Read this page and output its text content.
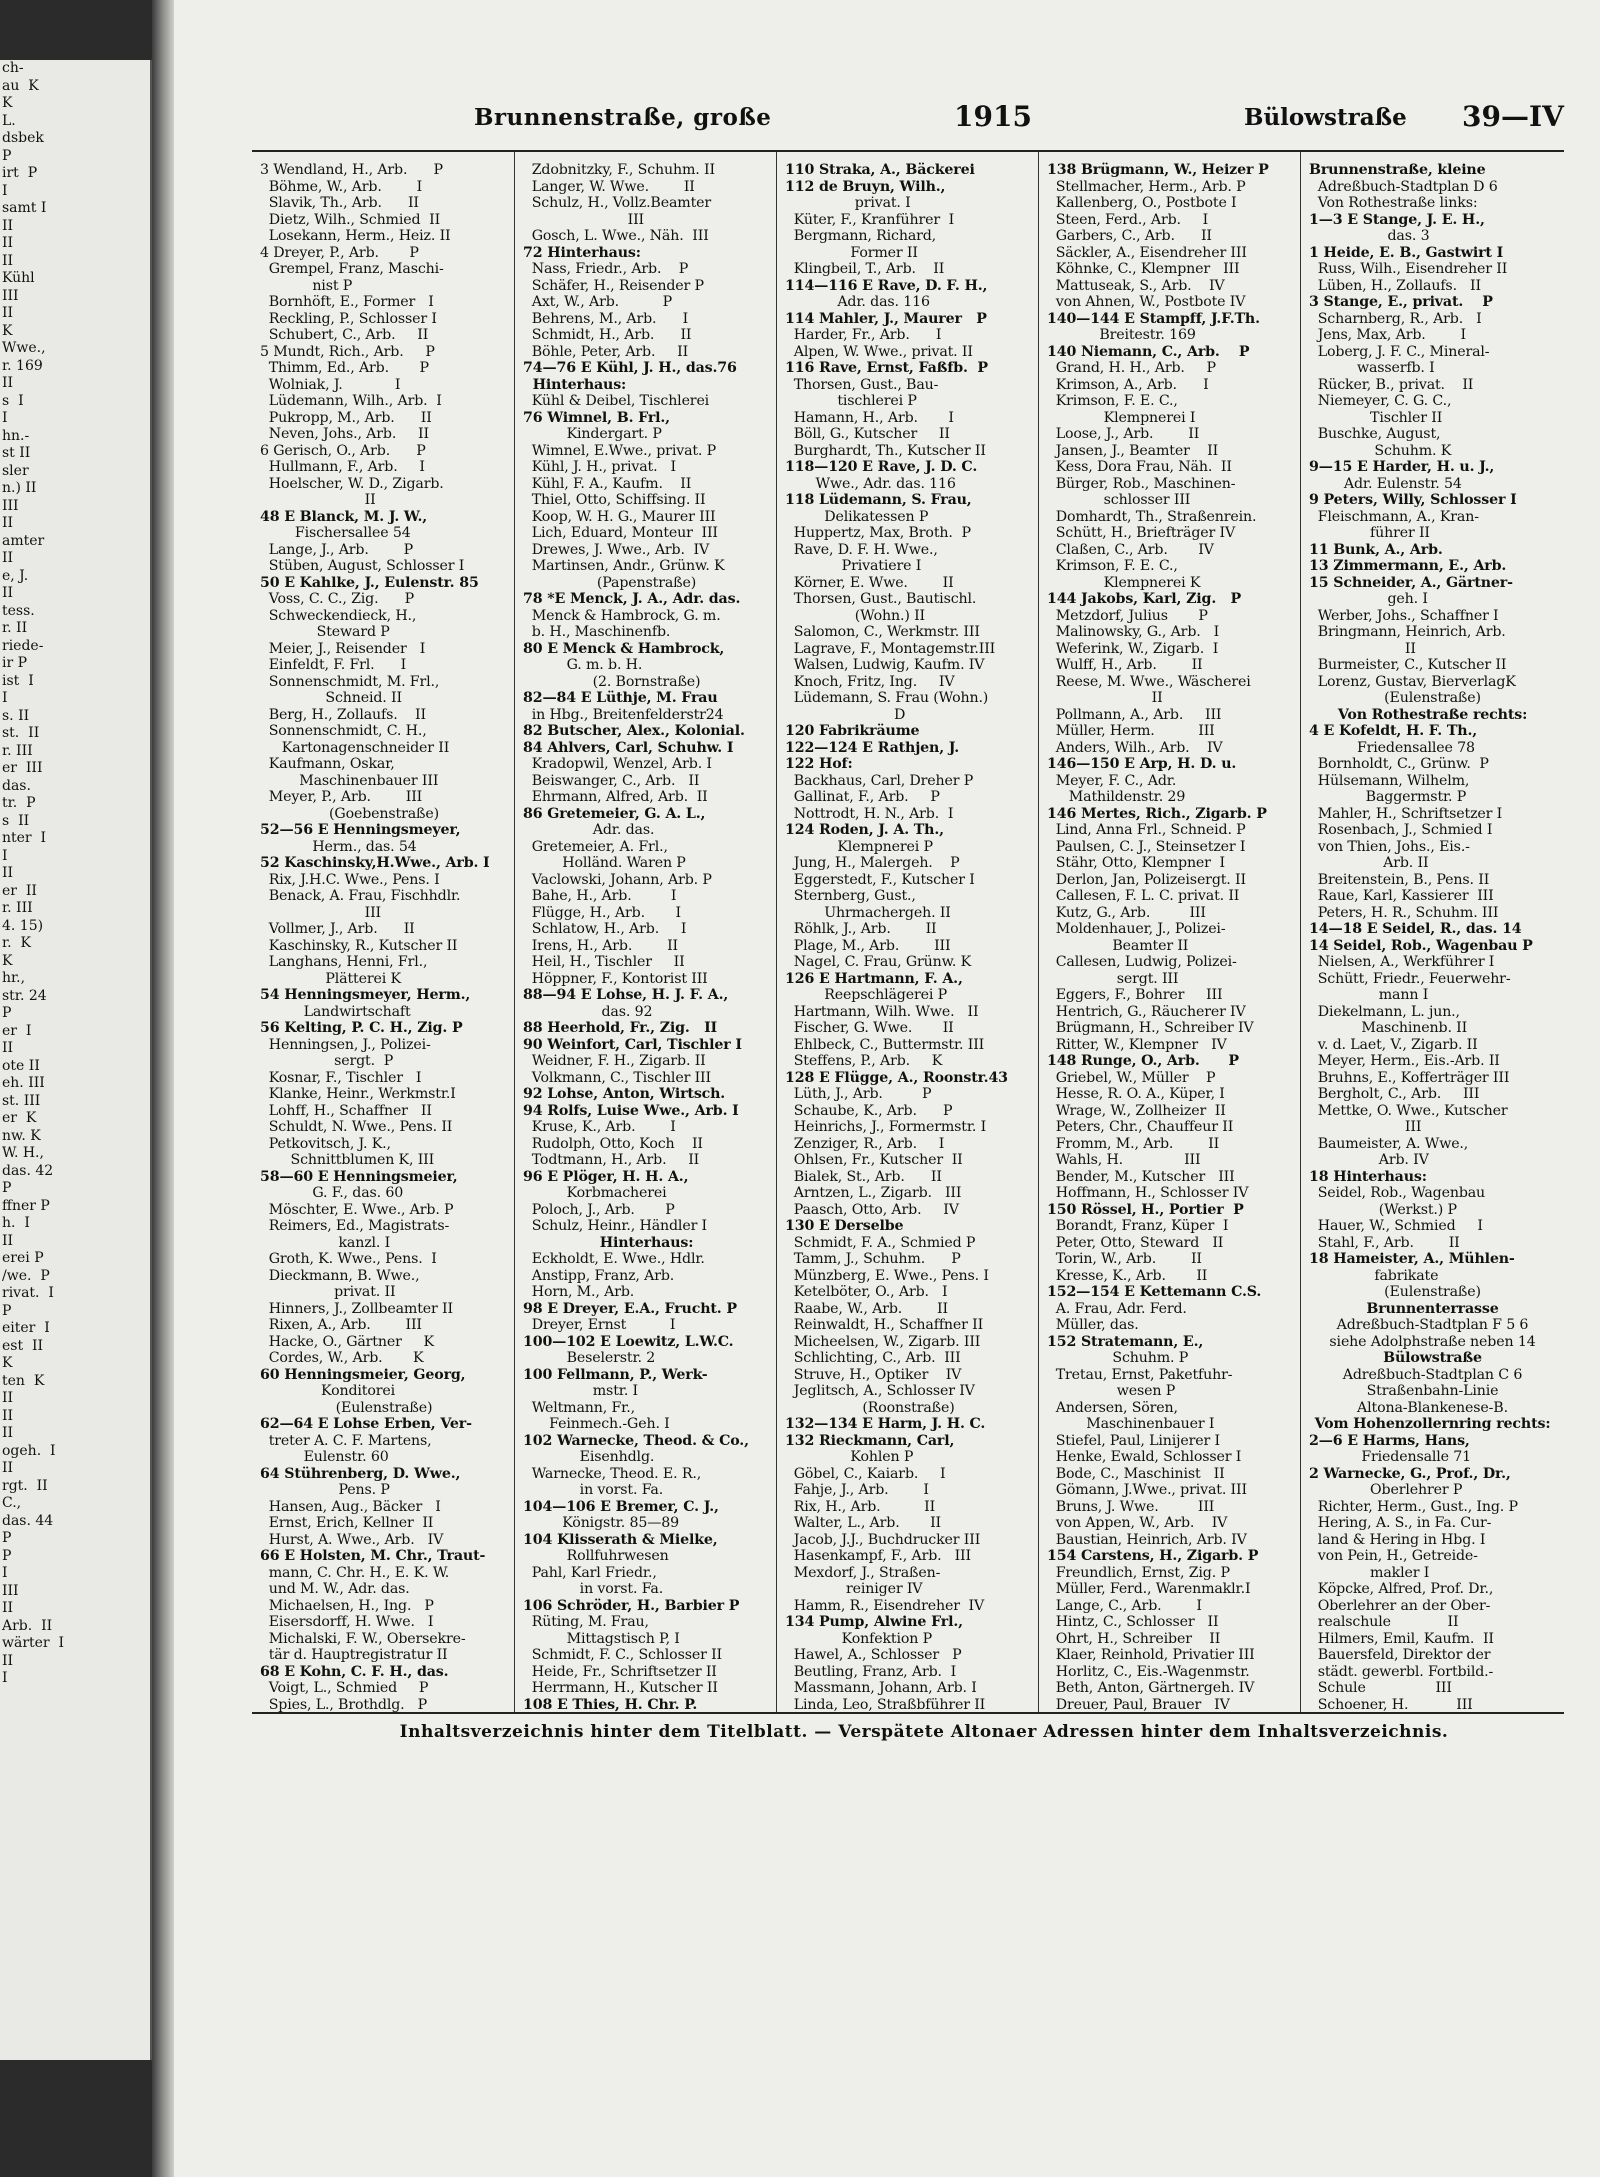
ch-
au  K
K
L.
dsbek
P
irt  P
I
samt I
II
II
II
Kühl
III
II
K
Wwe.,
r. 169
II
s  I
I
hn.-
st II
sler
n.) II
III
II
amter
II
e, J.
II
tess.
r. II
riede-
ir P
ist  I
I
s. II
st.  II
r. III
er  III
das.
tr.  P
s  II
nter  I
I
II
er  II
r. III
4. 15)
r.  K
K
hr.,
str. 24
P
er  I
II
ote II
eh. III
st. III
er  K
nw. K
W. H.,
das. 42
P
ffner P
h.  I
II
erei P
/we.  P
rivat.  I
P
eiter  I
est  II
K
ten  K
II
II
II
ogeh.  I
II
rgt.  II
C.,
das. 44
P
P
I
III
II
Arb.  II
wärter  I
II
I
Brunnenstraße, große	1915	Bülowstraße 39—IV
3 Wendland, H., Arb.      P
Böhme, W., Arb.        I
Slavik, Th., Arb.      II
Dietz, Wilh., Schmied  II
Losekann, Herm., Heiz. II
4 Dreyer, P., Arb.       P
Grempel, Franz, Maschi-
nist P
Bornhöft, E., Former   I
Reckling, P., Schlosser I
Schubert, C., Arb.     II
5 Mundt, Rich., Arb.     P
Thimm, Ed., Arb.       P
Wolniak, J.            I
Lüdemann, Wilh., Arb.  I
Pukropp, M., Arb.      II
Neven, Johs., Arb.     II
6 Gerisch, O., Arb.      P
Hullmann, F., Arb.     I
Hoelscher, W. D., Zigarb.
II
48 E Blanck, M. J. W.,
Fischersallee 54
Lange, J., Arb.        P
Stüben, August, Schlosser I
50 E Kahlke, J., Eulenstr. 85
Voss, C. C., Zig.      P
Schweckendieck, H.,
Steward P
Meier, J., Reisender   I
Einfeldt, F. Frl.      I
Sonnenschmidt, M. Frl.,
Schneid. II
Berg, H., Zollaufs.    II
Sonnenschmidt, C. H.,
Kartonagenschneider II
Kaufmann, Oskar,
Maschinenbauer III
Meyer, P., Arb.        III
(Goebenstraße)
52—56 E Henningsmeyer,
Herm., das. 54
52 Kaschinsky,H.Wwe., Arb. I
Rix, J.H.C. Wwe., Pens. I
Benack, A. Frau, Fischhdlr.
III
Vollmer, J., Arb.      II
Kaschinsky, R., Kutscher II
Langhans, Henni, Frl.,
Plätterei K
54 Henningsmeyer, Herm.,
Landwirtschaft
56 Kelting, P. C. H., Zig. P
Henningsen, J., Polizei-
sergt.  P
Kosnar, F., Tischler   I
Klanke, Heinr., Werkmstr.I
Lohff, H., Schaffner   II
Schuldt, N. Wwe., Pens. II
Petkovitsch, J. K.,
Schnittblumen K, III
58—60 E Henningsmeier,
G. F., das. 60
Möschter, E. Wwe., Arb. P
Reimers, Ed., Magistrats-
kanzl. I
Groth, K. Wwe., Pens.  I
Dieckmann, B. Wwe.,
privat. II
Hinners, J., Zollbeamter II
Rixen, A., Arb.        III
Hacke, O., Gärtner     K
Cordes, W., Arb.       K
60 Henningsmeier, Georg,
Konditorei
(Eulenstraße)
62—64 E Lohse Erben, Ver-
treter A. C. F. Martens,
Eulenstr. 60
64 Stührenberg, D. Wwe.,
Pens. P
Hansen, Aug., Bäcker   I
Ernst, Erich, Kellner  II
Hurst, A. Wwe., Arb.   IV
66 E Holsten, M. Chr., Traut-
mann, C. Chr. H., E. K. W.
und M. W., Adr. das.
Michaelsen, H., Ing.   P
Eisersdorff, H. Wwe.   I
Michalski, F. W., Obersekre-
tär d. Hauptregistratur II
68 E Kohn, C. F. H., das.
Voigt, L., Schmied     P
Spies, L., Brothdlg.   P
Zdobnitzky, F., Schuhm. II
Langer, W. Wwe.        II
Schulz, H., Vollz.Beamter
III
Gosch, L. Wwe., Näh.  III
72 Hinterhaus:
Nass, Friedr., Arb.    P
Schäfer, H., Reisender P
Axt, W., Arb.          P
Behrens, M., Arb.      I
Schmidt, H., Arb.      II
Böhle, Peter, Arb.     II
74—76 E Kühl, J. H., das.76
Hinterhaus:
Kühl & Deibel, Tischlerei
76 Wimnel, B. Frl.,
Kindergart. P
Wimnel, E.Wwe., privat. P
Kühl, J. H., privat.   I
Kühl, F. A., Kaufm.    II
Thiel, Otto, Schiffsing. II
Koop, W. H. G., Maurer III
Lich, Eduard, Monteur  III
Drewes, J. Wwe., Arb.  IV
Martinsen, Andr., Grünw. K
(Papenstraße)
78 *E Menck, J. A., Adr. das.
Menck & Hambrock, G. m.
b. H., Maschinenfb.
80 E Menck & Hambrock,
G. m. b. H.
(2. Bornstraße)
82—84 E Lüthje, M. Frau
in Hbg., Breitenfelderstr24
82 Butscher, Alex., Kolonial.
84 Ahlvers, Carl, Schuhw. I
Kradopwil, Wenzel, Arb. I
Beiswanger, C., Arb.   II
Ehrmann, Alfred, Arb.  II
86 Gretemeier, G. A. L.,
Adr. das.
Gretemeier, A. Frl.,
Holländ. Waren P
Vaclowski, Johann, Arb. P
Bahe, H., Arb.         I
Flügge, H., Arb.       I
Schlatow, H., Arb.     I
Irens, H., Arb.        II
Heil, H., Tischler     II
Höppner, F., Kontorist III
88—94 E Lohse, H. J. F. A.,
das. 92
88 Heerhold, Fr., Zig.   II
90 Weinfort, Carl, Tischler I
Weidner, F. H., Zigarb. II
Volkmann, C., Tischler III
92 Lohse, Anton, Wirtsch.
94 Rolfs, Luise Wwe., Arb. I
Kruse, K., Arb.        I
Rudolph, Otto, Koch    II
Todtmann, H., Arb.     II
96 E Plöger, H. H. A.,
Korbmacherei
Poloch, J., Arb.       P
Schulz, Heinr., Händler I
Hinterhaus:
Eckholdt, E. Wwe., Hdlr.
Anstipp, Franz, Arb.
Horn, M., Arb.
98 E Dreyer, E.A., Frucht. P
Dreyer, Ernst          I
100—102 E Loewitz, L.W.C.
Beselerstr. 2
100 Fellmann, P., Werk-
mstr. I
Weltmann, Fr.,
Feinmech.-Geh. I
102 Warnecke, Theod. & Co.,
Eisenhdlg.
Warnecke, Theod. E. R.,
in vorst. Fa.
104—106 E Bremer, C. J.,
Königstr. 85—89
104 Klisserath & Mielke,
Rollfuhrwesen
Pahl, Karl Friedr.,
in vorst. Fa.
106 Schröder, H., Barbier P
Rüting, M. Frau,
Mittagstisch P, I
Schmidt, F. C., Schlosser II
Heide, Fr., Schriftsetzer II
Herrmann, H., Kutscher II
108 E Thies, H. Chr. P.
110 Straka, A., Bäckerei
112 de Bruyn, Wilh.,
privat. I
Küter, F., Kranführer  I
Bergmann, Richard,
Former II
Klingbeil, T., Arb.    II
114—116 E Rave, D. F. H.,
Adr. das. 116
114 Mahler, J., Maurer   P
Harder, Fr., Arb.      I
Alpen, W. Wwe., privat. II
116 Rave, Ernst, Faßfb.  P
Thorsen, Gust., Bau-
tischlerei P
Hamann, H., Arb.       I
Böll, G., Kutscher     II
Burghardt, Th., Kutscher II
118—120 E Rave, J. D. C.
Wwe., Adr. das. 116
118 Lüdemann, S. Frau,
Delikatessen P
Huppertz, Max, Broth.  P
Rave, D. F. H. Wwe.,
Privatiere I
Körner, E. Wwe.        II
Thorsen, Gust., Bautischl.
(Wohn.) II
Salomon, C., Werkmstr. III
Lagrave, F., Montagemstr.III
Walsen, Ludwig, Kaufm. IV
Knoch, Fritz, Ing.     IV
Lüdemann, S. Frau (Wohn.)
D
120 Fabrikräume
122—124 E Rathjen, J.
122 Hof:
Backhaus, Carl, Dreher P
Gallinat, F., Arb.     P
Nottrodt, H. N., Arb.  I
124 Roden, J. A. Th.,
Klempnerei P
Jung, H., Malergeh.    P
Eggerstedt, F., Kutscher I
Sternberg, Gust.,
Uhrmachergeh. II
Röhlk, J., Arb.        II
Plage, M., Arb.        III
Nagel, C. Frau, Grünw. K
126 E Hartmann, F. A.,
Reepschlägerei P
Hartmann, Wilh. Wwe.   II
Fischer, G. Wwe.       II
Ehlbeck, C., Buttermstr. III
Steffens, P., Arb.     K
128 E Flügge, A., Roonstr.43
Lüth, J., Arb.         P
Schaube, K., Arb.      P
Heinrichs, J., Formermstr. I
Zenziger, R., Arb.     I
Ohlsen, Fr., Kutscher  II
Bialek, St., Arb.      II
Arntzen, L., Zigarb.   III
Paasch, Otto, Arb.     IV
130 E Derselbe
Schmidt, F. A., Schmied P
Tamm, J., Schuhm.      P
Münzberg, E. Wwe., Pens. I
Ketelböter, O., Arb.   I
Raabe, W., Arb.        II
Reinwaldt, H., Schaffner II
Micheelsen, W., Zigarb. III
Schlichting, C., Arb.  III
Struve, H., Optiker    IV
Jeglitsch, A., Schlosser IV
(Roonstraße)
132—134 E Harm, J. H. C.
132 Rieckmann, Carl,
Kohlen P
Göbel, C., Kaiarb.     I
Fahje, J., Arb.        I
Rix, H., Arb.          II
Walter, L., Arb.       II
Jacob, J.J., Buchdrucker III
Hasenkampf, F., Arb.   III
Mexdorf, J., Straßen-
reiniger IV
Hamm, R., Eisendreher  IV
134 Pump, Alwine Frl.,
Konfektion P
Hawel, A., Schlosser   P
Beutling, Franz, Arb.  I
Massmann, Johann, Arb. I
Linda, Leo, Straßbführer II
138 Brügmann, W., Heizer P
Stellmacher, Herm., Arb. P
Kallenberg, O., Postbote I
Steen, Ferd., Arb.     I
Garbers, C., Arb.      II
Säckler, A., Eisendreher III
Köhnke, C., Klempner   III
Mattuseak, S., Arb.    IV
von Ahnen, W., Postbote IV
140—144 E Stampff, J.F.Th.
Breitestr. 169
140 Niemann, C., Arb.    P
Grand, H. H., Arb.     P
Krimson, A., Arb.      I
Krimson, F. E. C.,
Klempnerei I
Loose, J., Arb.        II
Jansen, J., Beamter    II
Kess, Dora Frau, Näh.  II
Bürger, Rob., Maschinen-
schlosser III
Domhardt, Th., Straßenrein.
Schütt, H., Briefträger IV
Claßen, C., Arb.       IV
Krimson, F. E. C.,
Klempnerei K
144 Jakobs, Karl, Zig.   P
Metzdorf, Julius       P
Malinowsky, G., Arb.   I
Weferink, W., Zigarb.  I
Wulff, H., Arb.        II
Reese, M. Wwe., Wäscherei
II
Pollmann, A., Arb.     III
Müller, Herm.          III
Anders, Wilh., Arb.    IV
146—150 E Arp, H. D. u.
Meyer, F. C., Adr.
Mathildenstr. 29
146 Mertes, Rich., Zigarb. P
Lind, Anna Frl., Schneid. P
Paulsen, C. J., Steinsetzer I
Stähr, Otto, Klempner  I
Derlon, Jan, Polizeisergt. II
Callesen, F. L. C. privat. II
Kutz, G., Arb.         III
Moldenhauer, J., Polizei-
Beamter II
Callesen, Ludwig, Polizei-
sergt. III
Eggers, F., Bohrer     III
Hentrich, G., Räucherer IV
Brügmann, H., Schreiber IV
Ritter, W., Klempner   IV
148 Runge, O., Arb.      P
Griebel, W., Müller    P
Hesse, R. O. A., Küper, I
Wrage, W., Zollheizer  II
Peters, Chr., Chauffeur II
Fromm, M., Arb.        II
Wahls, H.              III
Bender, M., Kutscher   III
Hoffmann, H., Schlosser IV
150 Rössel, H., Portier  P
Borandt, Franz, Küper  I
Peter, Otto, Steward   II
Torin, W., Arb.        II
Kresse, K., Arb.       II
152—154 E Kettemann C.S.
A. Frau, Adr. Ferd.
Müller, das.
152 Stratemann, E.,
Schuhm. P
Tretau, Ernst, Paketfuhr-
wesen P
Andersen, Sören,
Maschinenbauer I
Stiefel, Paul, Linijerer I
Henke, Ewald, Schlosser I
Bode, C., Maschinist   II
Gömann, J.Wwe., privat. III
Bruns, J. Wwe.         III
von Appen, W., Arb.    IV
Baustian, Heinrich, Arb. IV
154 Carstens, H., Zigarb. P
Freundlich, Ernst, Zig. P
Müller, Ferd., Warenmaklr.I
Lange, C., Arb.        I
Hintz, C., Schlosser   II
Ohrt, H., Schreiber    II
Klaer, Reinhold, Privatier III
Horlitz, C., Eis.-Wagenmstr.
Beth, Anton, Gärtnergeh. IV
Dreuer, Paul, Brauer   IV
Brunnenstraße, kleine
Adreßbuch-Stadtplan D 6
Von Rothestraße links:
1—3 E Stange, J. E. H.,
das. 3
1 Heide, E. B., Gastwirt I
Russ, Wilh., Eisendreher II
Lüben, H., Zollaufs.   II
3 Stange, E., privat.    P
Scharnberg, R., Arb.   I
Jens, Max, Arb.        I
Loberg, J. F. C., Mineral-
wasserfb. I
Rücker, B., privat.    II
Niemeyer, C. G. C.,
Tischler II
Buschke, August,
Schuhm. K
9—15 E Harder, H. u. J.,
Adr. Eulenstr. 54
9 Peters, Willy, Schlosser I
Fleischmann, A., Kran-
führer II
11 Bunk, A., Arb.
13 Zimmermann, E., Arb.
15 Schneider, A., Gärtner-
geh. I
Werber, Johs., Schaffner I
Bringmann, Heinrich, Arb.
II
Burmeister, C., Kutscher II
Lorenz, Gustav, BierverlagK
(Eulenstraße)
Von Rothestraße rechts:
4 E Kofeldt, H. F. Th.,
Friedensallee 78
Bornholdt, C., Grünw.  P
Hülsemann, Wilhelm,
Baggermstr. P
Mahler, H., Schriftsetzer I
Rosenbach, J., Schmied I
von Thien, Johs., Eis.-
Arb. II
Breitenstein, B., Pens. II
Raue, Karl, Kassierer  III
Peters, H. R., Schuhm. III
14—18 E Seidel, R., das. 14
14 Seidel, Rob., Wagenbau P
Nielsen, A., Werkführer I
Schütt, Friedr., Feuerwehr-
mann I
Diekelmann, L. jun.,
Maschinenb. II
v. d. Laet, V., Zigarb. II
Meyer, Herm., Eis.-Arb. II
Bruhns, E., Kofferträger III
Bergholt, C., Arb.     III
Mettke, O. Wwe., Kutscher
III
Baumeister, A. Wwe.,
Arb. IV
18 Hinterhaus:
Seidel, Rob., Wagenbau
(Werkst.) P
Hauer, W., Schmied     I
Stahl, F., Arb.        II
18 Hameister, A., Mühlen-
fabrikate
(Eulenstraße)
Brunnenterrasse
Adreßbuch-Stadtplan F 5 6
siehe Adolphstraße neben 14
Bülowstraße
Adreßbuch-Stadtplan C 6
Straßenbahn-Linie
Altona-Blankenese-B.
Vom Hohenzollernring rechts:
2—6 E Harms, Hans,
Friedensalle 71
2 Warnecke, G., Prof., Dr.,
Oberlehrer P
Richter, Herm., Gust., Ing. P
Hering, A. S., in Fa. Cur-
land & Hering in Hbg. I
von Pein, H., Getreide-
makler I
Köpcke, Alfred, Prof. Dr.,
Oberlehrer an der Ober-
realschule             II
Hilmers, Emil, Kaufm.  II
Bauersfeld, Direktor der
städt. gewerbl. Fortbild.-
Schule                III
Schoener, H.           III
Inhaltsverzeichnis hinter dem Titelblatt. — Verspätete Altonaer Adressen hinter dem Inhaltsverzeichnis.
